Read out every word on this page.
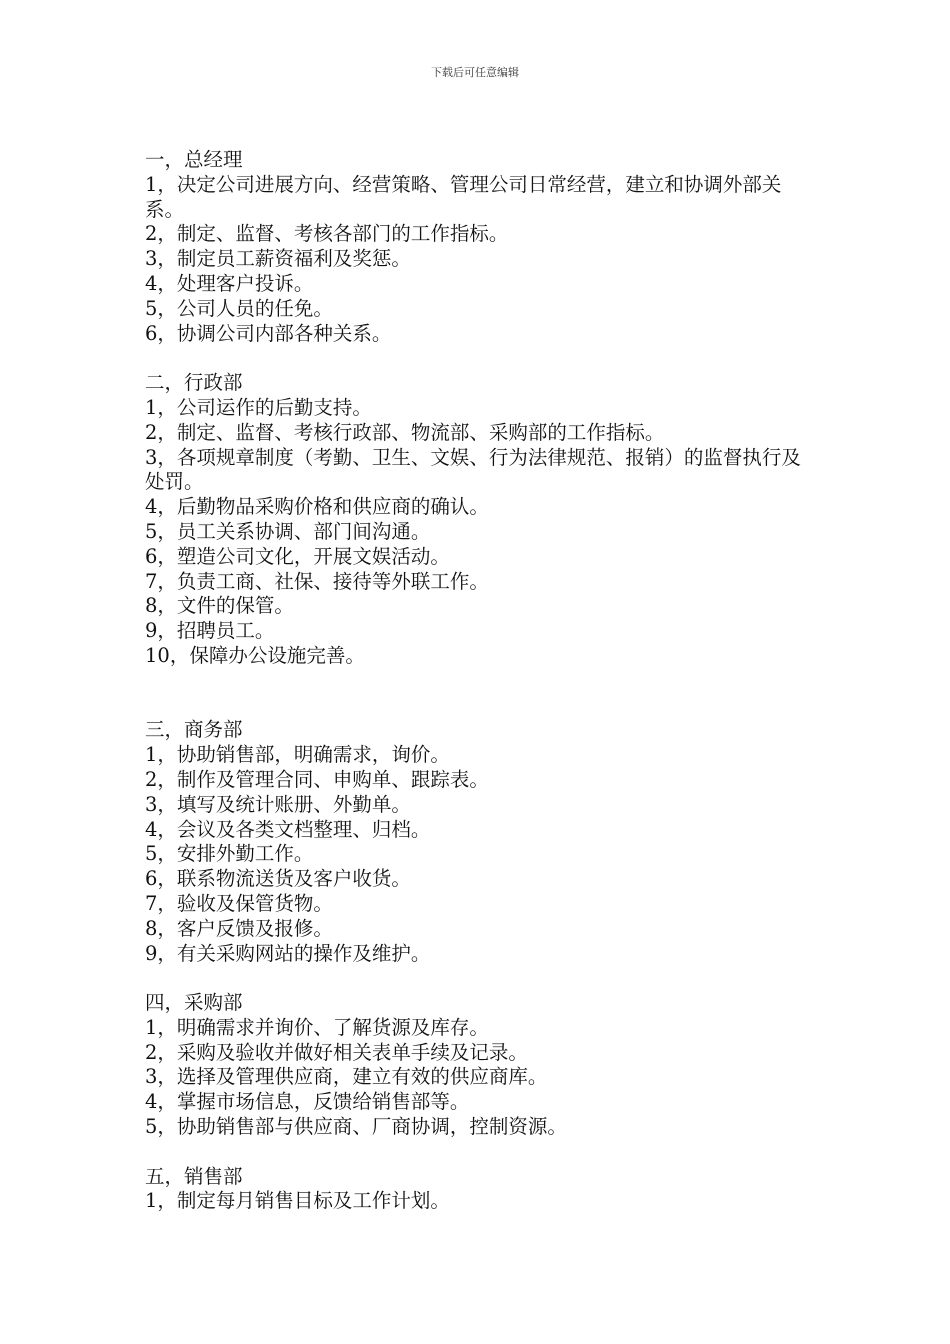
下载后可任意编辑

一，总经理

1，决定公司进展方向、经营策略、管理公司日常经营，建立和协调外部关系。

2，制定、监督、考核各部门的工作指标。

3，制定员工薪资福利及奖惩。

4，处理客户投诉。

5，公司人员的任免。

6，协调公司内部各种关系。

二，行政部

1，公司运作的后勤支持。

2，制定、监督、考核行政部、物流部、采购部的工作指标。

3，各项规章制度（考勤、卫生、文娱、行为法律规范、报销）的监督执行及处罚。

4，后勤物品采购价格和供应商的确认。

5，员工关系协调、部门间沟通。

6，塑造公司文化，开展文娱活动。

7，负责工商、社保、接待等外联工作。

8，文件的保管。

9，招聘员工。

10，保障办公设施完善。

三，商务部

1，协助销售部，明确需求，询价。

2，制作及管理合同、申购单、跟踪表。

3，填写及统计账册、外勤单。

4，会议及各类文档整理、归档。

5，安排外勤工作。

6，联系物流送货及客户收货。

7，验收及保管货物。

8，客户反馈及报修。

9，有关采购网站的操作及维护。

四，采购部

1，明确需求并询价、了解货源及库存。

2，采购及验收并做好相关表单手续及记录。

3，选择及管理供应商，建立有效的供应商库。

4，掌握市场信息，反馈给销售部等。

5，协助销售部与供应商、厂商协调，控制资源。

五，销售部

1，制定每月销售目标及工作计划。
